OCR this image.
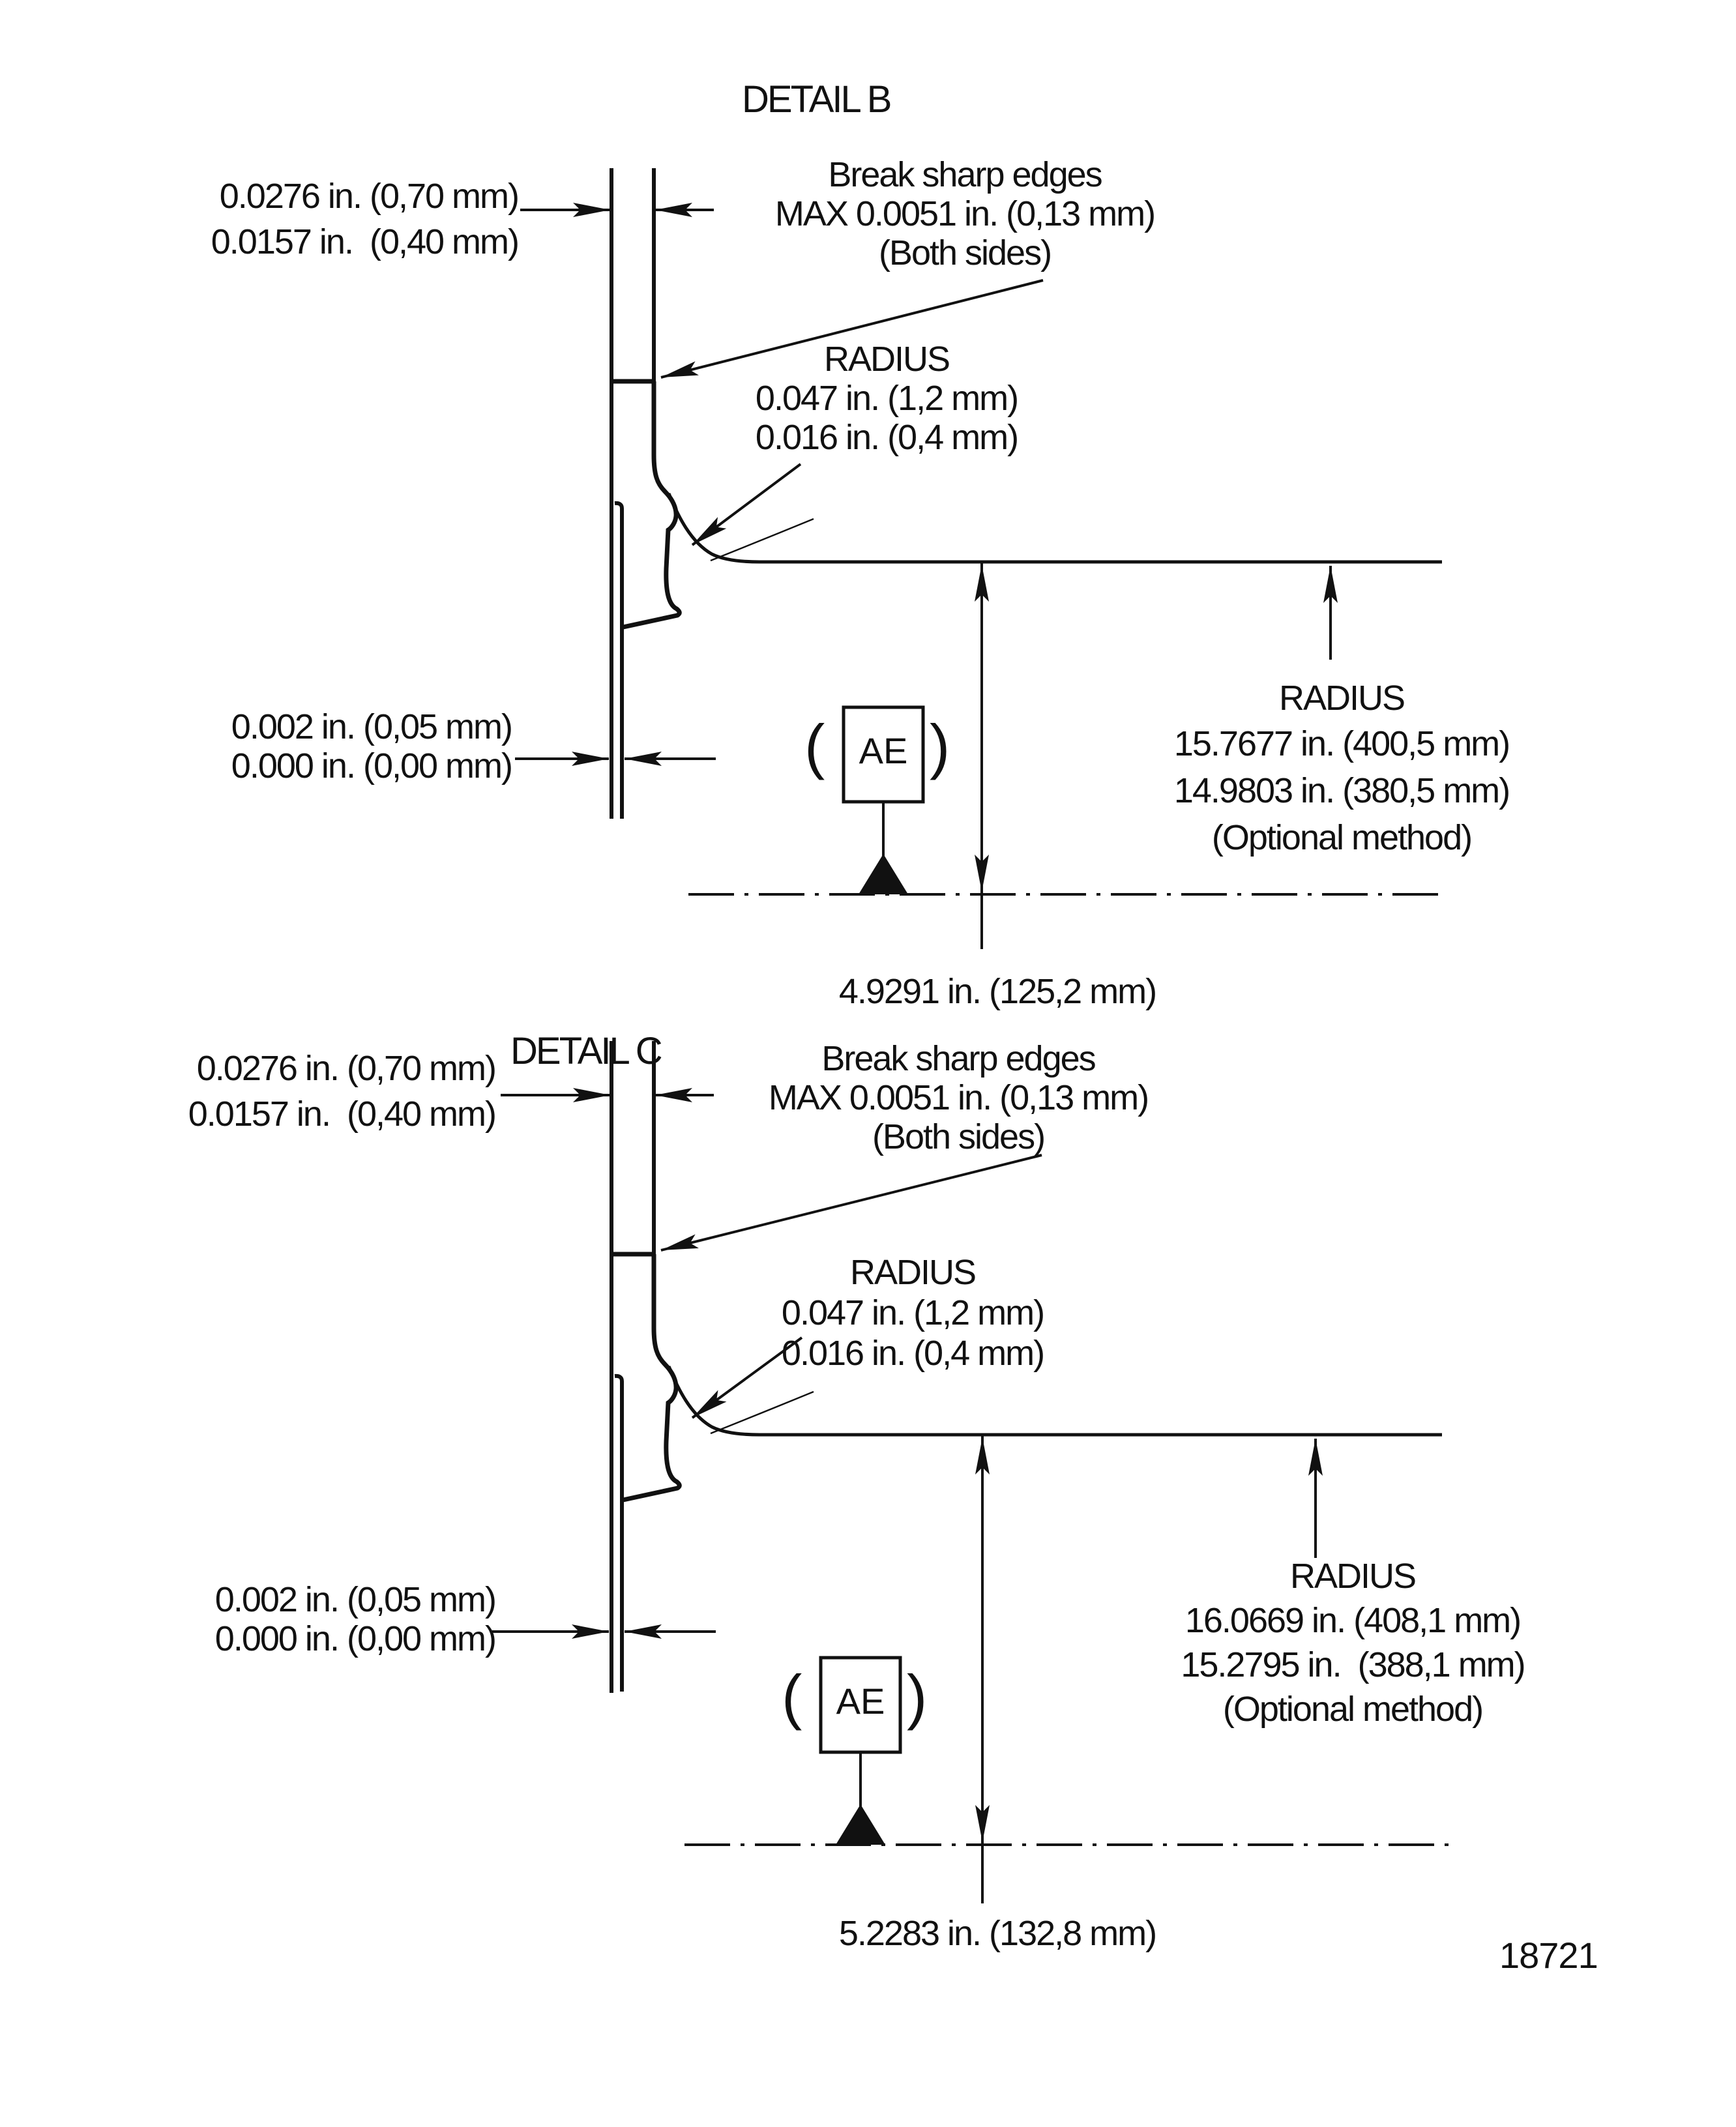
DETAIL B
0.0276 in. (0,70 mm)
0.0157 in.  (0,40 mm)
Break sharp edges
MAX 0.0051 in. (0,13 mm)
(Both sides)
RADIUS
0.047 in. (1,2 mm)
0.016 in. (0,4 mm)
0.002 in. (0,05 mm)
0.000 in. (0,00 mm)	( AE )
RADIUS
15.7677 in. (400,5 mm)
14.9803 in. (380,5 mm)
(Optional method)
4.9291 in. (125,2 mm)
DETAIL C
0.0276 in. (0,70 mm)
0.0157 in.  (0,40 mm)
Break sharp edges
MAX 0.0051 in. (0,13 mm)
(Both sides)
RADIUS
0.047 in. (1,2 mm)
0.016 in. (0,4 mm)
0.002 in. (0,05 mm)
0.000 in. (0,00 mm)
( AE )
RADIUS
16.0669 in. (408,1 mm)
15.2795 in.  (388,1 mm)
(Optional method)
5.2283 in. (132,8 mm)
18721
